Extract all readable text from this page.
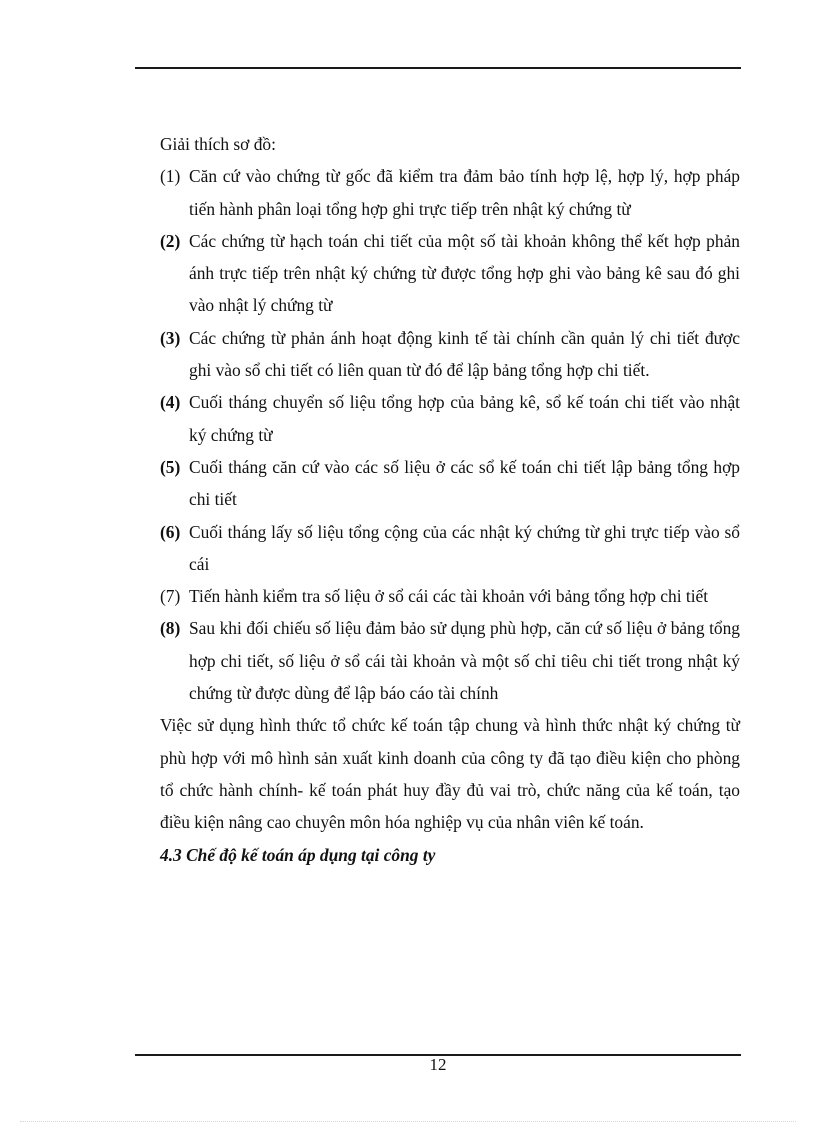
Giải thích sơ đồ:

(1) Căn cứ vào chứng từ gốc đã kiểm tra đảm bảo tính hợp lệ, hợp lý, hợp pháp tiến hành phân loại tổng hợp ghi trực tiếp trên nhật ký chứng từ
(2) Các chứng từ hạch toán chi tiết của một số tài khoản không thể kết hợp phản ánh trực tiếp trên nhật ký chứng từ được tổng hợp ghi vào bảng kê sau đó ghi vào nhật lý chứng từ
(3) Các chứng từ phản ánh hoạt động kinh tế tài chính cần quản lý chi tiết được ghi vào sổ chi tiết có liên quan từ đó để lập bảng tổng hợp chi tiết.
(4) Cuối tháng chuyển số liệu tổng hợp của bảng kê, sổ kế toán chi tiết vào nhật ký chứng từ
(5) Cuối tháng căn cứ vào các số liệu ở các sổ kế toán chi tiết lập bảng tổng hợp chi tiết
(6) Cuối tháng lấy số liệu tổng cộng của các nhật ký chứng từ ghi trực tiếp vào sổ cái
(7) Tiến hành kiểm tra số liệu ở sổ cái các tài khoản với bảng tổng hợp chi tiết
(8) Sau khi đối chiếu số liệu đảm bảo sử dụng phù hợp, căn cứ số liệu ở bảng tổng hợp chi tiết, số liệu ở sổ cái tài khoản và một số chỉ tiêu chi tiết trong nhật ký chứng từ được dùng để lập báo cáo tài chính

Việc sử dụng hình thức tổ chức kế toán tập chung và hình thức nhật ký chứng từ phù hợp với mô hình sản xuất kinh doanh của công ty đã tạo điều kiện cho phòng tổ chức hành chính- kế toán phát huy đầy đủ vai trò, chức năng của kế toán, tạo điều kiện nâng cao chuyên môn hóa nghiệp vụ của nhân viên kế toán.

4.3 Chế độ kế toán áp dụng tại công ty

12
